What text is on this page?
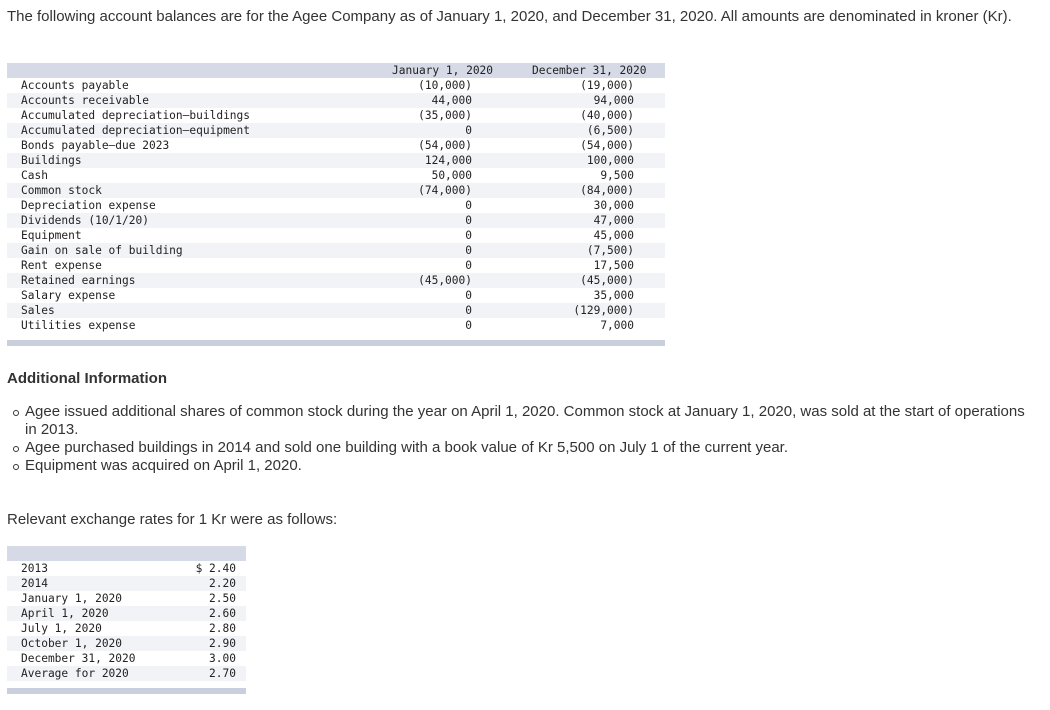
The following account balances are for the Agee Company as of January 1, 2020, and December 31, 2020. All amounts are denominated in kroner (Kr).
January 1, 2020	December 31, 2020
Accounts payable	(10,000)	(19,000)
Accounts receivable	44,000	94,000
Accumulated depreciation–buildings	(35,000)	(40,000)
Accumulated depreciation–equipment	0	(6,500)
Bonds payable–due 2023	(54,000)	(54,000)
Buildings	124,000	100,000
Cash	50,000	9,500
Common stock	(74,000)	(84,000)
Depreciation expense	0	30,000
Dividends (10/1/20)	0	47,000
Equipment	0	45,000
Gain on sale of building	0	(7,500)
Rent expense	0	17,500
Retained earnings	(45,000)	(45,000)
Salary expense	0	35,000
Sales	0	(129,000)
Utilities expense	0	7,000
Additional Information
Agee issued additional shares of common stock during the year on April 1, 2020. Common stock at January 1, 2020, was sold at the start of operations in 2013.
Agee purchased buildings in 2014 and sold one building with a book value of Kr 5,500 on July 1 of the current year.
Equipment was acquired on April 1, 2020.
Relevant exchange rates for 1 Kr were as follows:
2013	$ 2.40
2014	2.20
January 1, 2020	2.50
April 1, 2020	2.60
July 1, 2020	2.80
October 1, 2020	2.90
December 31, 2020	3.00
Average for 2020	2.70
